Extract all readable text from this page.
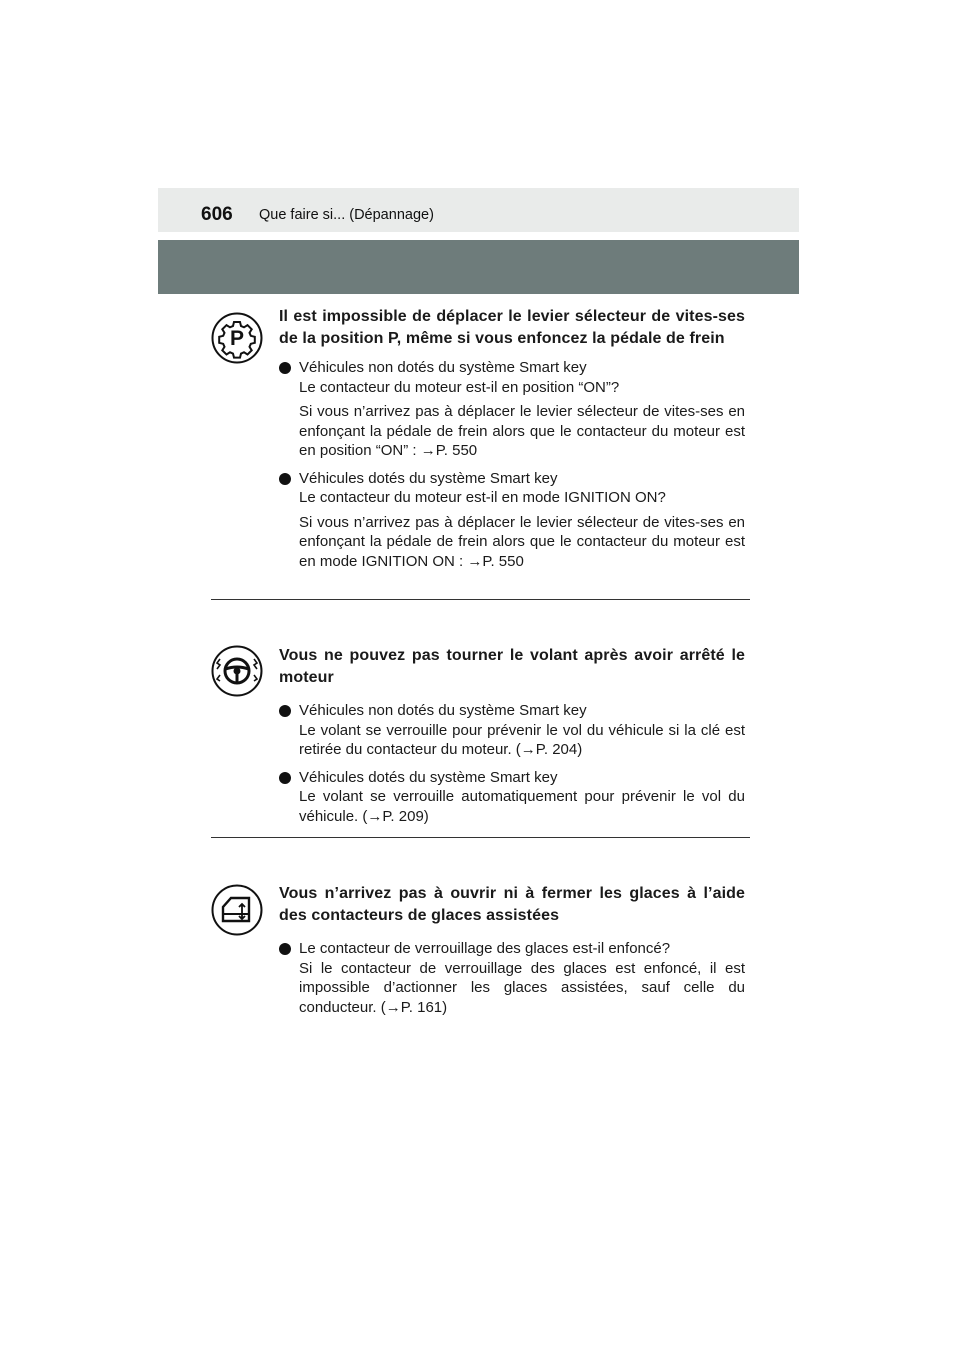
606 Que faire si... (Dépannage)
P
Il est impossible de déplacer le levier sélecteur de vites-ses de la position P, même si vous enfoncez la pédale de frein
Véhicules non dotés du système Smart key
Le contacteur du moteur est-il en position “ON”?
Si vous n’arrivez pas à déplacer le levier sélecteur de vites-ses en enfonçant la pédale de frein alors que le contacteur du moteur est en position “ON” : →P. 550
Véhicules dotés du système Smart key
Le contacteur du moteur est-il en mode IGNITION ON?
Si vous n’arrivez pas à déplacer le levier sélecteur de vites-ses en enfonçant la pédale de frein alors que le contacteur du moteur est en mode IGNITION ON : →P. 550
Vous ne pouvez pas tourner le volant après avoir arrêté le moteur
Véhicules non dotés du système Smart key
Le volant se verrouille pour prévenir le vol du véhicule si la clé est retirée du contacteur du moteur. (→P. 204)
Véhicules dotés du système Smart key
Le volant se verrouille automatiquement pour prévenir le vol du véhicule. (→P. 209)
Vous n’arrivez pas à ouvrir ni à fermer les glaces à l’aide des contacteurs de glaces assistées
Le contacteur de verrouillage des glaces est-il enfoncé?
Si le contacteur de verrouillage des glaces est enfoncé, il est impossible d’actionner les glaces assistées, sauf celle du conducteur. (→P. 161)
